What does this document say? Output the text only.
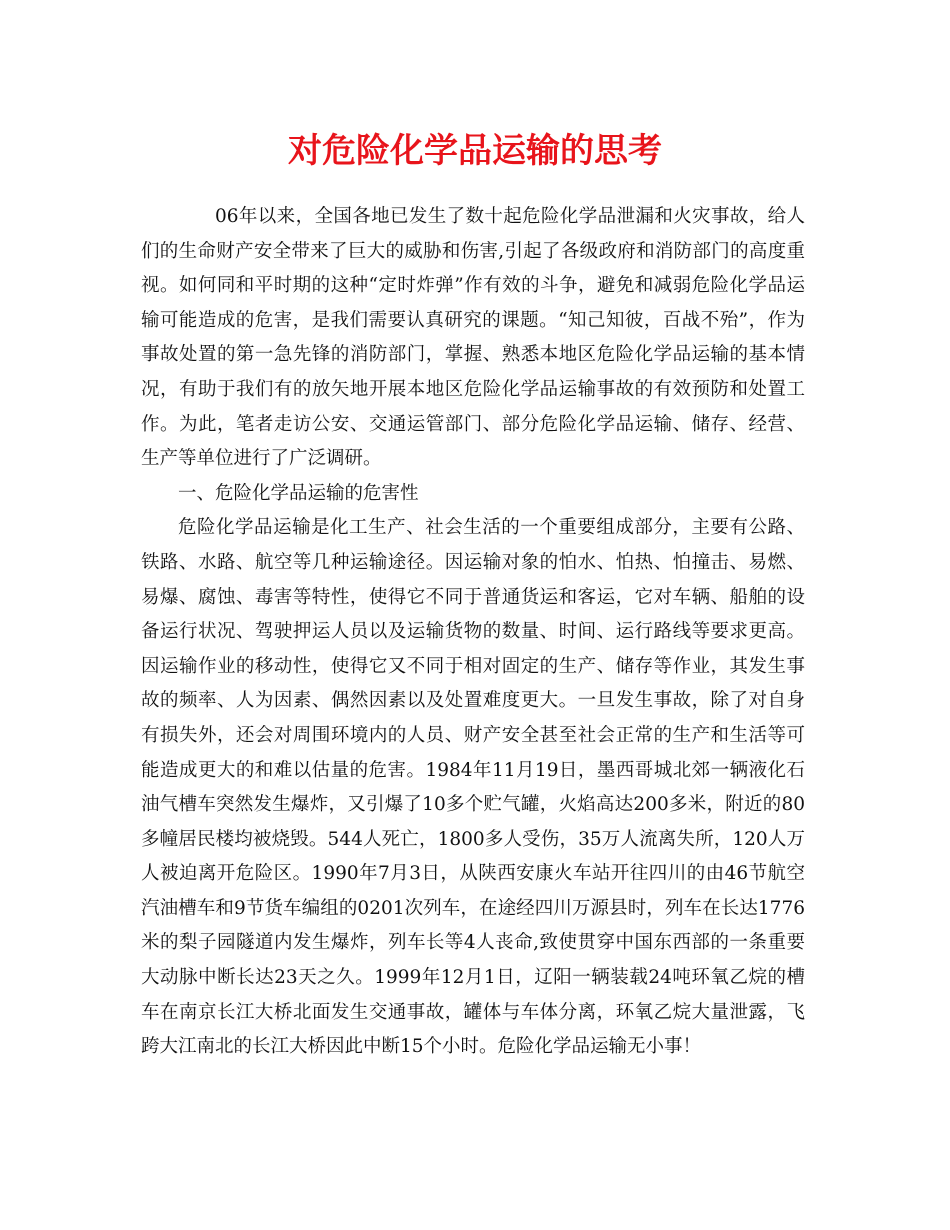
对危险化学品运输的思考

06年以来，全国各地已发生了数十起危险化学品泄漏和火灾事故，给人们的生命财产安全带来了巨大的威胁和伤害,引起了各级政府和消防部门的高度重视。如何同和平时期的这种“定时炸弹”作有效的斗争，避免和减弱危险化学品运输可能造成的危害，是我们需要认真研究的课题。“知己知彼，百战不殆”，作为事故处置的第一急先锋的消防部门，掌握、熟悉本地区危险化学品运输的基本情况，有助于我们有的放矢地开展本地区危险化学品运输事故的有效预防和处置工作。为此，笔者走访公安、交通运管部门、部分危险化学品运输、储存、经营、生产等单位进行了广泛调研。

一、危险化学品运输的危害性

危险化学品运输是化工生产、社会生活的一个重要组成部分，主要有公路、铁路、水路、航空等几种运输途径。因运输对象的怕水、怕热、怕撞击、易燃、易爆、腐蚀、毒害等特性，使得它不同于普通货运和客运，它对车辆、船舶的设备运行状况、驾驶押运人员以及运输货物的数量、时间、运行路线等要求更高。因运输作业的移动性，使得它又不同于相对固定的生产、储存等作业，其发生事故的频率、人为因素、偶然因素以及处置难度更大。一旦发生事故，除了对自身有损失外，还会对周围环境内的人员、财产安全甚至社会正常的生产和生活等可能造成更大的和难以估量的危害。1984年11月19日，墨西哥城北郊一辆液化石油气槽车突然发生爆炸，又引爆了10多个贮气罐，火焰高达200多米，附近的80多幢居民楼均被烧毁。544人死亡，1800多人受伤，35万人流离失所，120人万人被迫离开危险区。1990年7月3日，从陕西安康火车站开往四川的由46节航空汽油槽车和9节货车编组的0201次列车，在途经四川万源县时，列车在长达1776米的梨子园隧道内发生爆炸，列车长等4人丧命,致使贯穿中国东西部的一条重要大动脉中断长达23天之久。1999年12月1日，辽阳一辆装载24吨环氧乙烷的槽车在南京长江大桥北面发生交通事故，罐体与车体分离，环氧乙烷大量泄露，飞跨大江南北的长江大桥因此中断15个小时。危险化学品运输无小事！
